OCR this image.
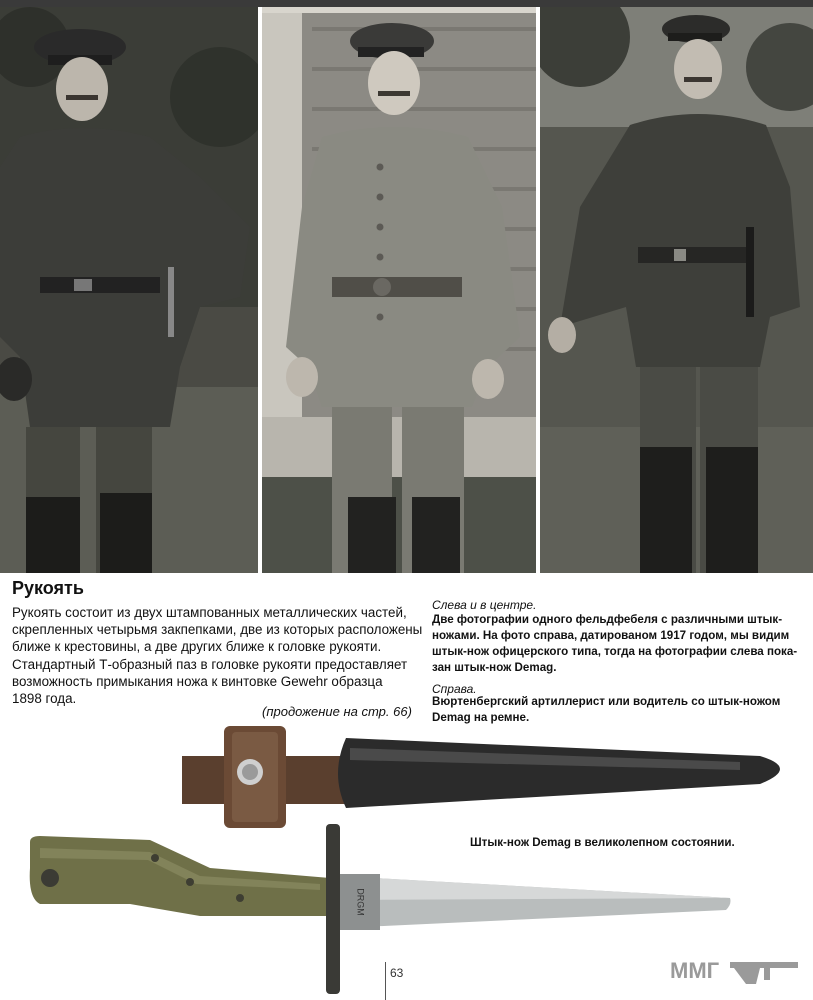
Рукоять
Рукоять состоит из двух штампованных металлических частей,
скрепленных четырьмя закпепками, две из которых расположены
ближе к крестовины, а две других ближе к головке рукояти.
Стандартный Т-образный паз в головке рукояти предоставляет
возможность примыкания ножа к винтовке Gewehr образца
1898 года.
(продожение на стр. 66)
Слева и в центре.
Две фотографии одного фельдфебеля с различными штык-
ножами. На фото справа, датированом 1917 годом, мы видим
штык-нож офицерского типа, тогда на фотографии слева пока-
зан штык-нож Demag.
Справа.
Вюртенбергский артиллерист или водитель со штык-ножом
Demag на ремне.
DRGM
Штык-нож Demag в великолепном состоянии.
63	ММГ
